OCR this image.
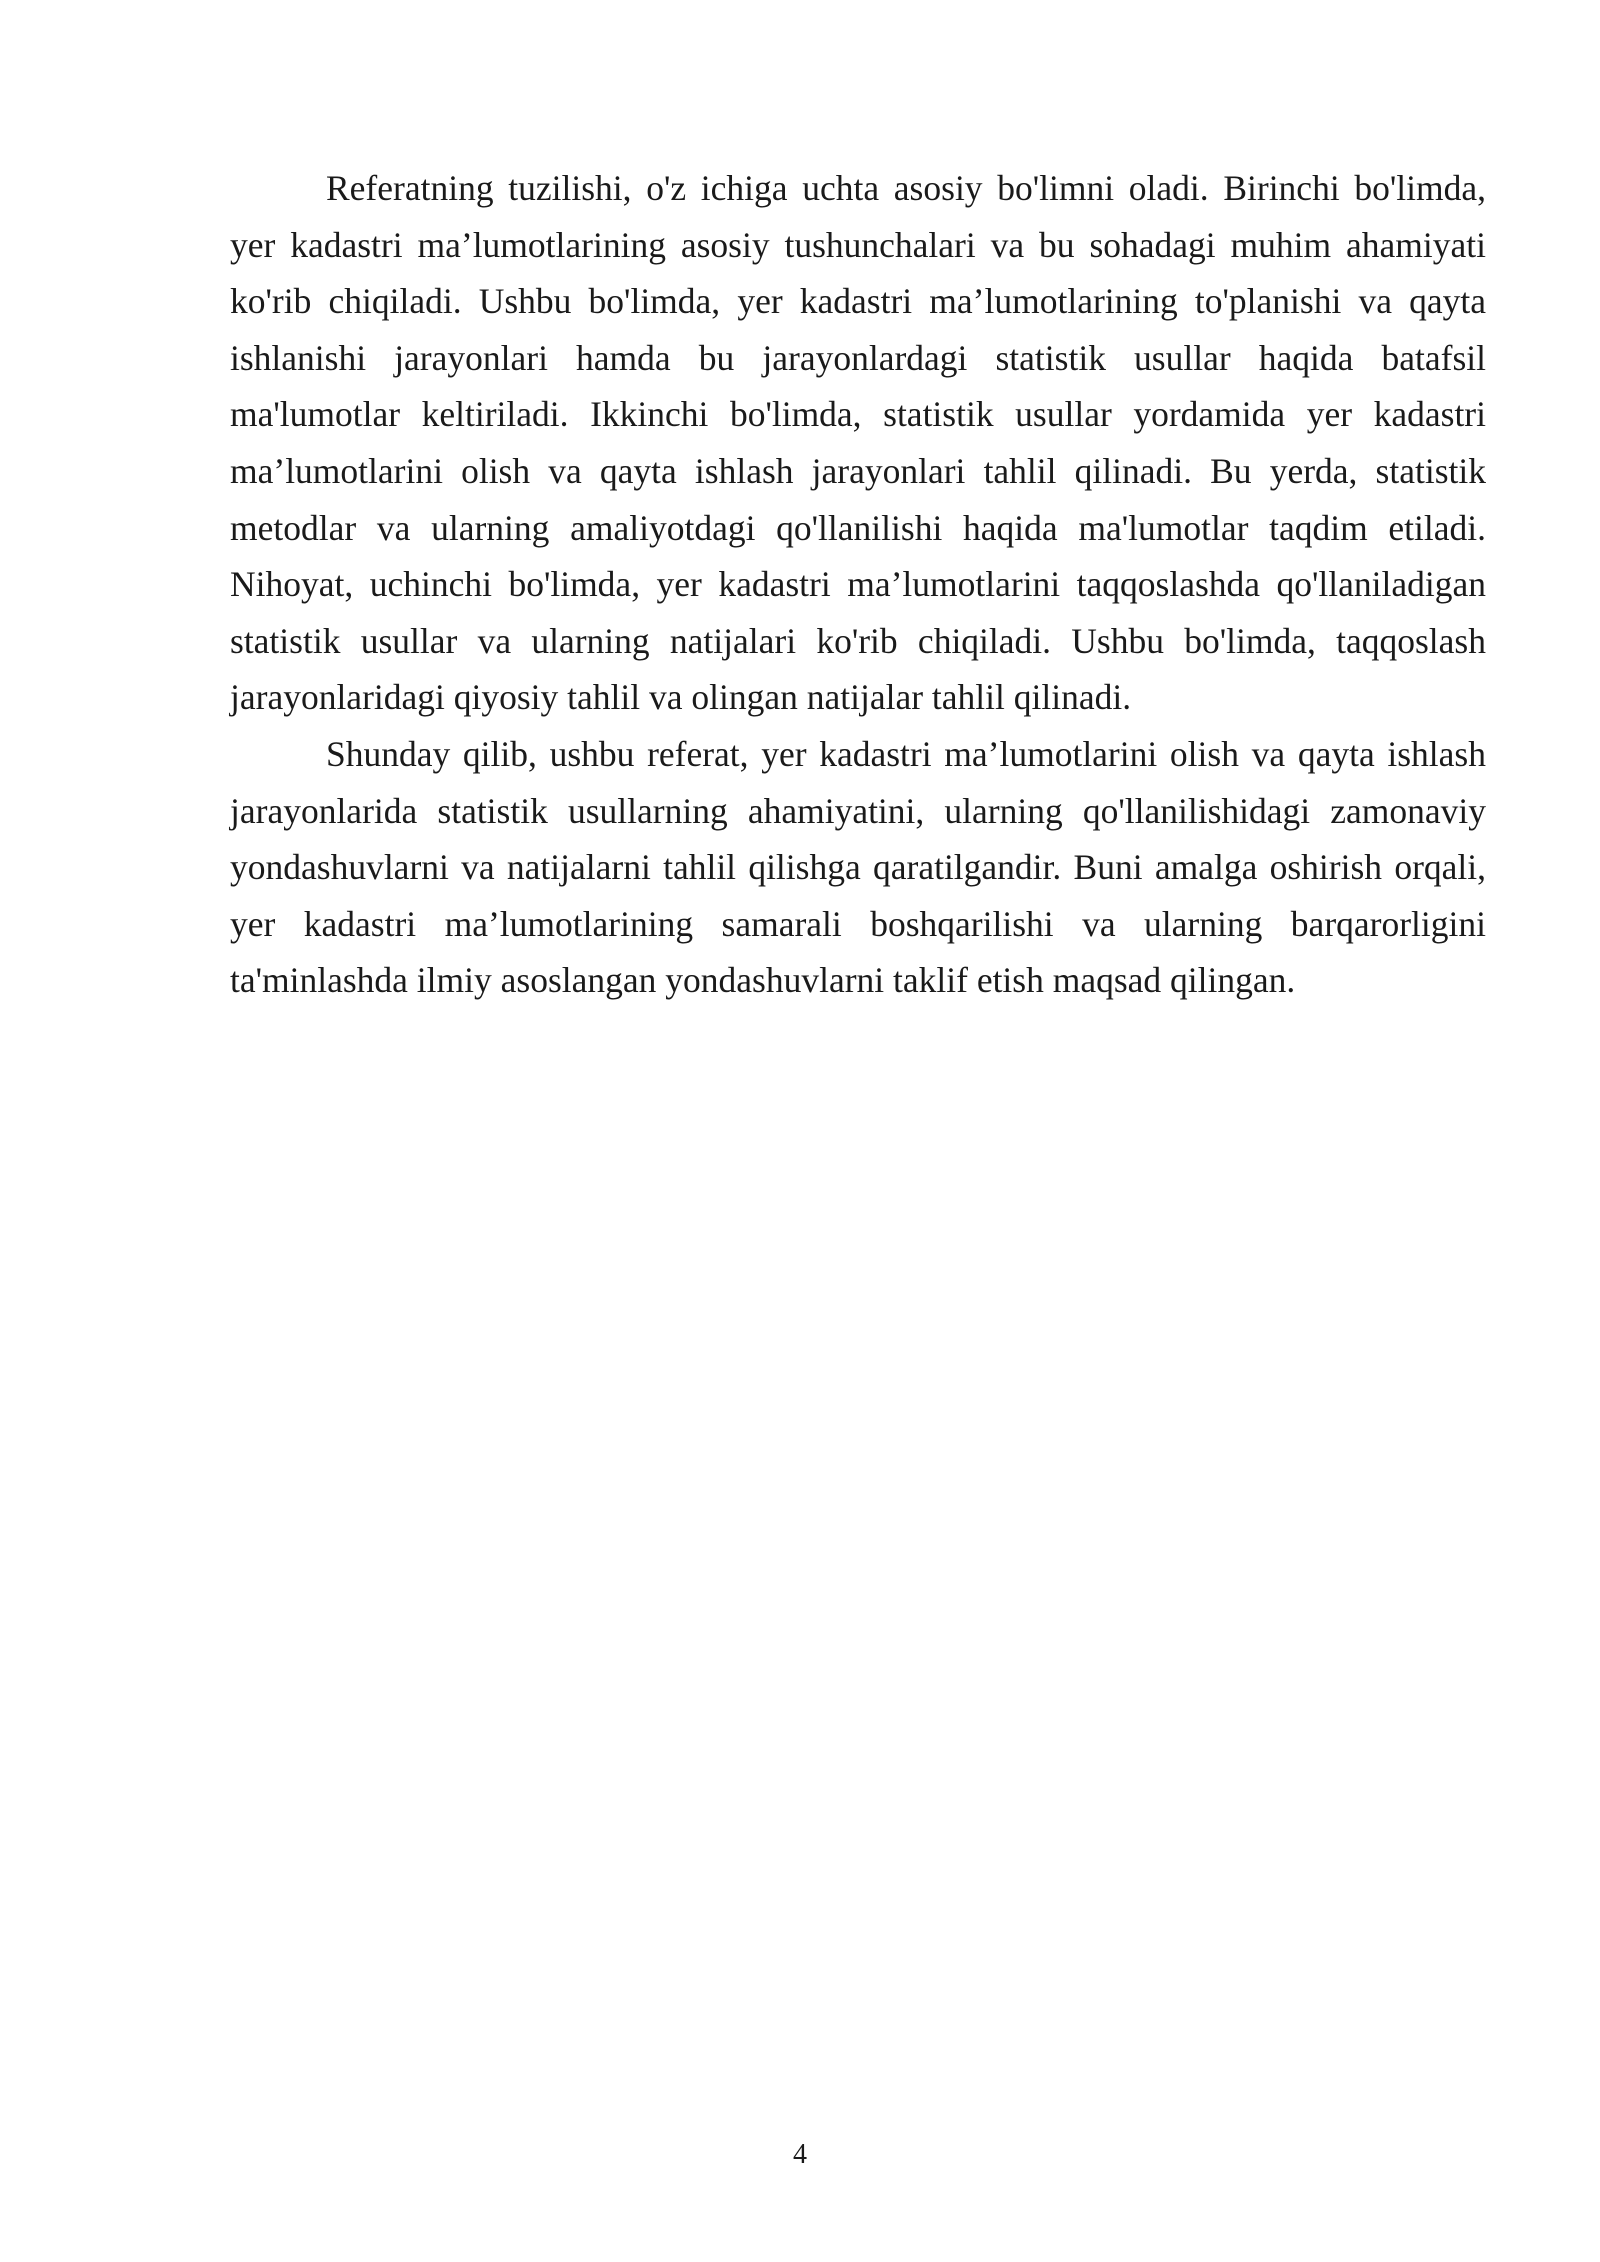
Referatning tuzilishi, o'z ichiga uchta asosiy bo'limni oladi. Birinchi bo'limda, yer kadastri ma’lumotlarining asosiy tushunchalari va bu sohadagi muhim ahamiyati ko'rib chiqiladi. Ushbu bo'limda, yer kadastri ma’lumotlarining to'planishi va qayta ishlanishi jarayonlari hamda bu jarayonlardagi statistik usullar haqida batafsil ma'lumotlar keltiriladi. Ikkinchi bo'limda, statistik usullar yordamida yer kadastri ma’lumotlarini olish va qayta ishlash jarayonlari tahlil qilinadi. Bu yerda, statistik metodlar va ularning amaliyotdagi qo'llanilishi haqida ma'lumotlar taqdim etiladi. Nihoyat, uchinchi bo'limda, yer kadastri ma’lumotlarini taqqoslashda qo'llaniladigan statistik usullar va ularning natijalari ko'rib chiqiladi. Ushbu bo'limda, taqqoslash jarayonlaridagi qiyosiy tahlil va olingan natijalar tahlil qilinadi.

Shunday qilib, ushbu referat, yer kadastri ma’lumotlarini olish va qayta ishlash jarayonlarida statistik usullarning ahamiyatini, ularning qo'llanilishidagi zamonaviy yondashuvlarni va natijalarni tahlil qilishga qaratilgandir. Buni amalga oshirish orqali, yer kadastri ma’lumotlarining samarali boshqarilishi va ularning barqarorligini ta'minlashda ilmiy asoslangan yondashuvlarni taklif etish maqsad qilingan.

4
